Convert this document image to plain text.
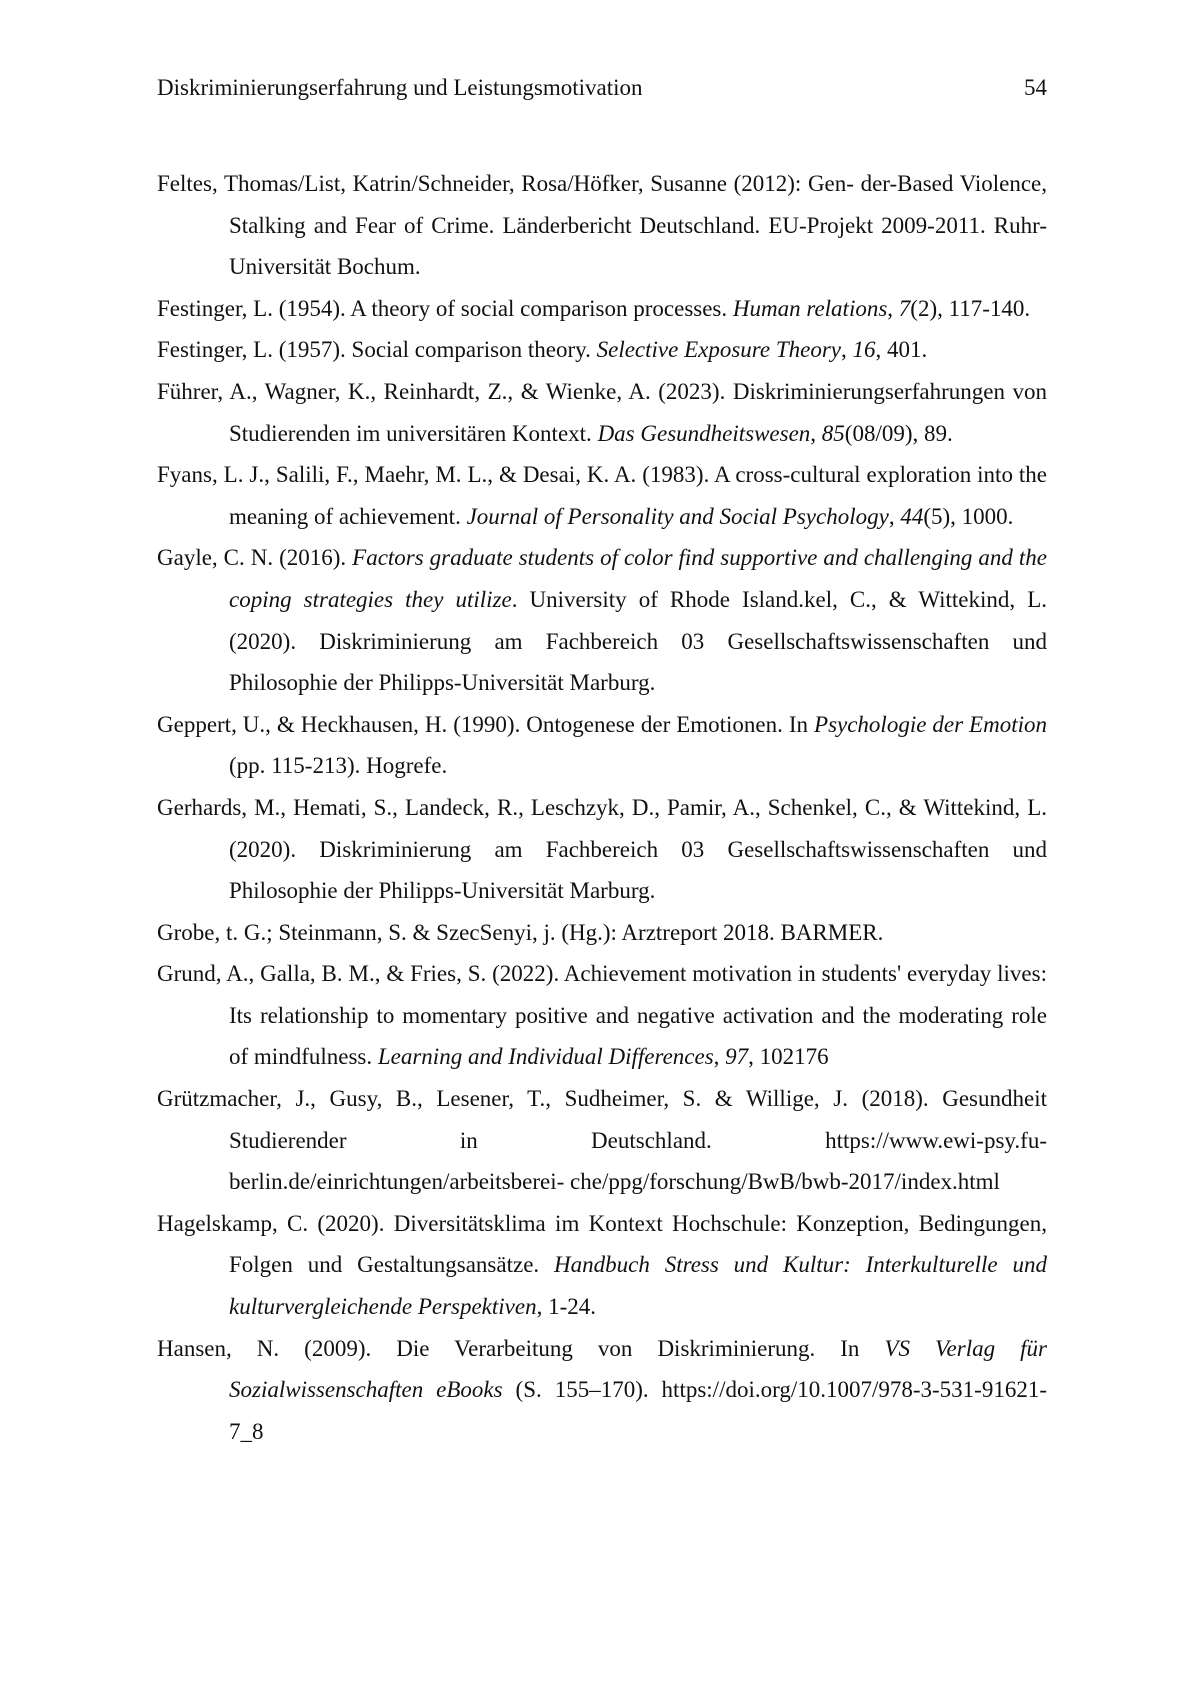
Diskriminierungserfahrung und Leistungsmotivation	54
Feltes, Thomas/List, Katrin/Schneider, Rosa/Höfker, Susanne (2012): Gen- der-Based Violence, Stalking and Fear of Crime. Länderbericht Deutschland. EU-Projekt 2009-2011. Ruhr-Universität Bochum.
Festinger, L. (1954). A theory of social comparison processes. Human relations, 7(2), 117-140.
Festinger, L. (1957). Social comparison theory. Selective Exposure Theory, 16, 401.
Führer, A., Wagner, K., Reinhardt, Z., & Wienke, A. (2023). Diskriminierungserfahrungen von Studierenden im universitären Kontext. Das Gesundheitswesen, 85(08/09), 89.
Fyans, L. J., Salili, F., Maehr, M. L., & Desai, K. A. (1983). A cross-cultural exploration into the meaning of achievement. Journal of Personality and Social Psychology, 44(5), 1000.
Gayle, C. N. (2016). Factors graduate students of color find supportive and challenging and the coping strategies they utilize. University of Rhode Island.kel, C., & Wittekind, L. (2020). Diskriminierung am Fachbereich 03 Gesellschaftswissenschaften und Philosophie der Philipps-Universität Marburg.
Geppert, U., & Heckhausen, H. (1990). Ontogenese der Emotionen. In Psychologie der Emotion (pp. 115-213). Hogrefe.
Gerhards, M., Hemati, S., Landeck, R., Leschzyk, D., Pamir, A., Schenkel, C., & Wittekind, L. (2020). Diskriminierung am Fachbereich 03 Gesellschaftswissenschaften und Philosophie der Philipps-Universität Marburg.
Grobe, t. G.; Steinmann, S. & SzecSenyi, j. (Hg.): Arztreport 2018. BARMER.
Grund, A., Galla, B. M., & Fries, S. (2022). Achievement motivation in students' everyday lives: Its relationship to momentary positive and negative activation and the moderating role of mindfulness. Learning and Individual Differences, 97, 102176
Grützmacher, J., Gusy, B., Lesener, T., Sudheimer, S. & Willige, J. (2018). Gesundheit Studierender in Deutschland. https://www.ewi-psy.fu-berlin.de/einrichtungen/arbeitsberei- che/ppg/forschung/BwB/bwb-2017/index.html
Hagelskamp, C. (2020). Diversitätsklima im Kontext Hochschule: Konzeption, Bedingungen, Folgen und Gestaltungsansätze. Handbuch Stress und Kultur: Interkulturelle und kulturvergleichende Perspektiven, 1-24.
Hansen, N. (2009). Die Verarbeitung von Diskriminierung. In VS Verlag für Sozialwissenschaften eBooks (S. 155–170). https://doi.org/10.1007/978-3-531-91621-7_8
